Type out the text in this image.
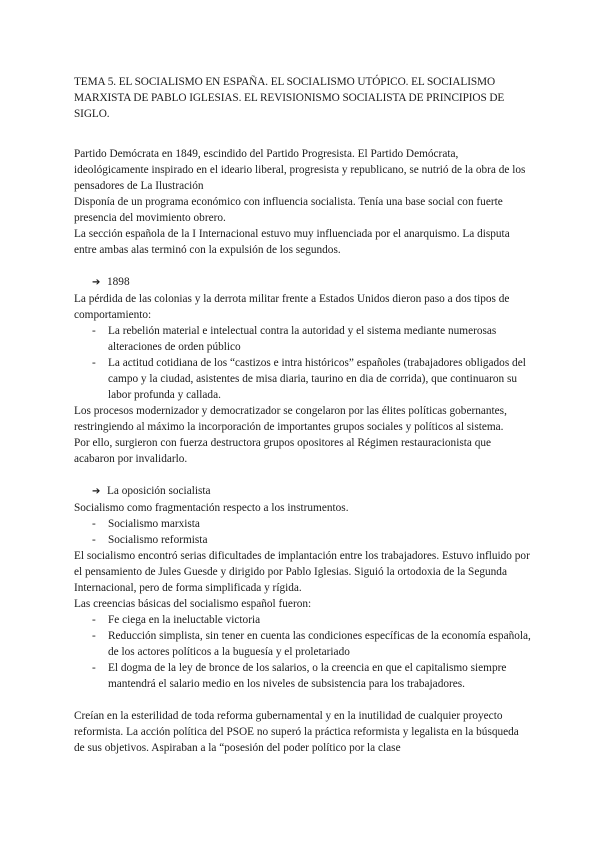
TEMA 5. EL SOCIALISMO EN ESPAÑA. EL SOCIALISMO UTÓPICO. EL SOCIALISMO MARXISTA DE PABLO IGLESIAS. EL REVISIONISMO SOCIALISTA DE PRINCIPIOS DE SIGLO.

Partido Demócrata en 1849, escindido del Partido Progresista. El Partido Demócrata, ideológicamente inspirado en el ideario liberal, progresista y republicano, se nutrió de la obra de los pensadores de La Ilustración

Disponía de un programa económico con influencia socialista. Tenía una base social con fuerte presencia del movimiento obrero.

La sección española de la I Internacional estuvo muy influenciada por el anarquismo. La disputa entre ambas alas terminó con la expulsión de los segundos.

➔ 1898

La pérdida de las colonias y la derrota militar frente a Estados Unidos dieron paso a dos tipos de comportamiento:

- La rebelión material e intelectual contra la autoridad y el sistema mediante numerosas alteraciones de orden público
- La actitud cotidiana de los “castizos e intra históricos” españoles (trabajadores obligados del campo y la ciudad, asistentes de misa diaria, taurino en dia de corrida), que continuaron su labor profunda y callada.

Los procesos modernizador y democratizador se congelaron por las élites políticas gobernantes, restringiendo al máximo la incorporación de importantes grupos sociales y políticos al sistema.

Por ello, surgieron con fuerza destructora grupos opositores al Régimen restauracionista que acabaron por invalidarlo.

➔ La oposición socialista

Socialismo como fragmentación respecto a los instrumentos.

- Socialismo marxista
- Socialismo reformista

El socialismo encontró serias dificultades de implantación entre los trabajadores. Estuvo influido por el pensamiento de Jules Guesde y dirigido por Pablo Iglesias. Siguió la ortodoxia de la Segunda Internacional, pero de forma simplificada y rígida.

Las creencias básicas del socialismo español fueron:

- Fe ciega en la ineluctable victoria
- Reducción simplista, sin tener en cuenta las condiciones específicas de la economía española, de los actores políticos a la buguesía y el proletariado
- El dogma de la ley de bronce de los salarios, o la creencia en que el capitalismo siempre mantendrá el salario medio en los niveles de subsistencia para los trabajadores.

Creían en la esterilidad de toda reforma gubernamental y en la inutilidad de cualquier proyecto reformista. La acción política del PSOE no superó la práctica reformista y legalista en la búsqueda de sus objetivos. Aspiraban a la “posesión del poder político por la clase
